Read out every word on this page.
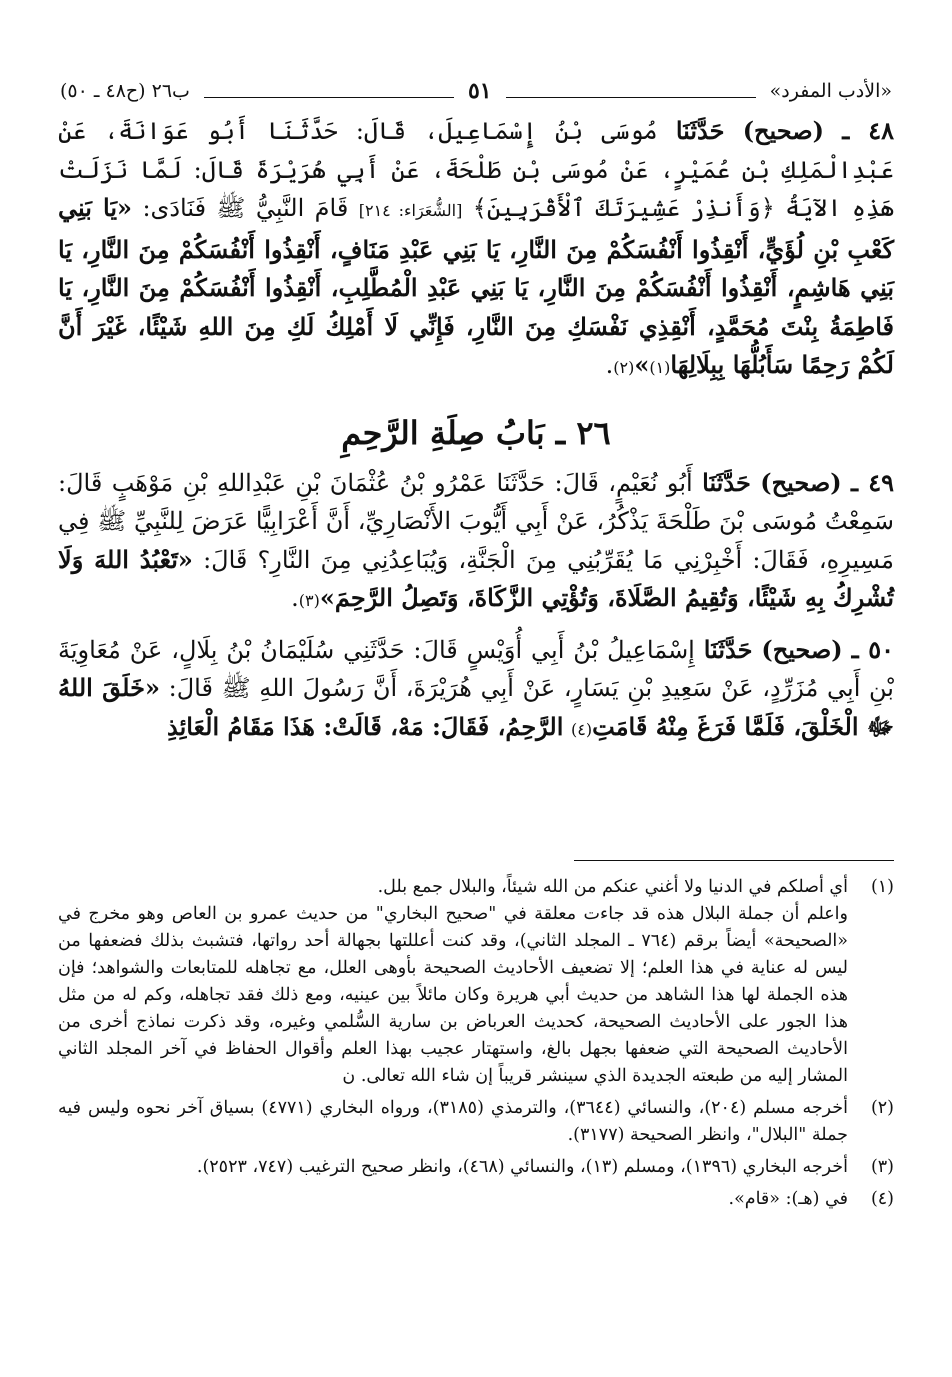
«الأدب المفرد»
٥١
ب٢٦ (ح٤٨ ـ ٥٠)

٤٨ ـ (صحيح) حَدَّثَنَا مُوسَى بْنُ إِسْمَاعِيلَ، قَالَ: حَدَّثَنَا أَبُو عَوَانَةَ، عَنْ عَبْدِالْمَلِكِ بْنِ عُمَيْرٍ، عَنْ مُوسَى بْنِ طَلْحَةَ، عَنْ أَبِي هُرَيْرَةَ قَالَ: لَمَّا نَزَلَتْ هَذِهِ الآيَةُ ﴿وَأَنذِرْ عَشِيرَتَكَ ٱلْأَقْرَبِينَ﴾ [الشُّعَرَاء: ٢١٤] قَامَ النَّبِيُّ ﷺ فَنَادَى: «يَا بَنِي كَعْبِ بْنِ لُؤَيٍّ، أَنْقِذُوا أَنْفُسَكُمْ مِنَ النَّارِ، يَا بَنِي عَبْدِ مَنَافٍ، أَنْقِذُوا أَنْفُسَكُمْ مِنَ النَّارِ، يَا بَنِي هَاشِمٍ، أَنْقِذُوا أَنْفُسَكُمْ مِنَ النَّارِ، يَا بَنِي عَبْدِ الْمُطَّلِبِ، أَنْقِذُوا أَنْفُسَكُمْ مِنَ النَّارِ، يَا فَاطِمَةُ بِنْتَ مُحَمَّدٍ، أَنْقِذِي نَفْسَكِ مِنَ النَّارِ، فَإِنِّي لَا أَمْلِكُ لَكِ مِنَ اللهِ شَيْئًا، غَيْرَ أَنَّ لَكُمْ رَحِمًا سَأَبُلُّهَا بِبِلَالِهَا(١)»(٢).

٢٦ ـ بَابُ صِلَةِ الرَّحِمِ

٤٩ ـ (صحيح) حَدَّثَنَا أَبُو نُعَيْمٍ، قَالَ: حَدَّثَنَا عَمْرُو بْنُ عُثْمَانَ بْنِ عَبْدِاللهِ بْنِ مَوْهَبٍ قَالَ: سَمِعْتُ مُوسَى بْنَ طَلْحَةَ يَذْكُرُ، عَنْ أَبِي أَيُّوبَ الأَنْصَارِيِّ، أَنَّ أَعْرَابِيًّا عَرَضَ لِلنَّبِيِّ ﷺ فِي مَسِيرِهِ، فَقَالَ: أَخْبِرْنِي مَا يُقَرِّبُنِي مِنَ الْجَنَّةِ، وَيُبَاعِدُنِي مِنَ النَّارِ؟ قَالَ: «تَعْبُدُ اللهَ وَلَا تُشْرِكُ بِهِ شَيْئًا، وَتُقِيمُ الصَّلَاةَ، وَتُؤْتِي الزَّكَاةَ، وَتَصِلُ الرَّحِمَ»(٣).

٥٠ ـ (صحيح) حَدَّثَنَا إِسْمَاعِيلُ بْنُ أَبِي أُوَيْسٍ قَالَ: حَدَّثَنِي سُلَيْمَانُ بْنُ بِلَالٍ، عَنْ مُعَاوِيَةَ بْنِ أَبِي مُزَرِّدٍ، عَنْ سَعِيدِ بْنِ يَسَارٍ، عَنْ أَبِي هُرَيْرَةَ، أَنَّ رَسُولَ اللهِ ﷺ قَالَ: «خَلَقَ اللهُ ﷻ الْخَلْقَ، فَلَمَّا فَرَغَ مِنْهُ قَامَتِ(٤) الرَّحِمُ، فَقَالَ: مَهْ، قَالَتْ: هَذَا مَقَامُ الْعَائِذِ

(١)

أي أصلكم في الدنيا ولا أغني عنكم من الله شيئاً، والبلال جمع بلل.

واعلم أن جملة البلال هذه قد جاءت معلقة في "صحيح البخاري" من حديث عمرو بن العاص وهو مخرج في «الصحيحة» أيضاً برقم (٧٦٤ ـ المجلد الثاني)، وقد كنت أعللتها بجهالة أحد رواتها، فتشبث بذلك فضعفها من ليس له عناية في هذا العلم؛ إلا تضعيف الأحاديث الصحيحة بأوهى العلل، مع تجاهله للمتابعات والشواهد؛ فإن هذه الجملة لها هذا الشاهد من حديث أبي هريرة وكان مائلاً بين عينيه، ومع ذلك فقد تجاهله، وكم له من مثل هذا الجور على الأحاديث الصحيحة، كحديث العرباض بن سارية السُّلمي وغيره، وقد ذكرت نماذج أخرى من الأحاديث الصحيحة التي ضعفها بجهل بالغ، واستهتار عجيب بهذا العلم وأقوال الحفاظ في آخر المجلد الثاني المشار إليه من طبعته الجديدة الذي سينشر قريباً إن شاء الله تعالى. ن

(٢)

أخرجه مسلم (٢٠٤)، والنسائي (٣٦٤٤)، والترمذي (٣١٨٥)، ورواه البخاري (٤٧٧١) بسياق آخر نحوه وليس فيه جملة "البلال"، وانظر الصحيحة (٣١٧٧).

(٣)

أخرجه البخاري (١٣٩٦)، ومسلم (١٣)، والنسائي (٤٦٨)، وانظر صحيح الترغيب (٧٤٧، ٢٥٢٣).

(٤)

في (هـ): «قام».
